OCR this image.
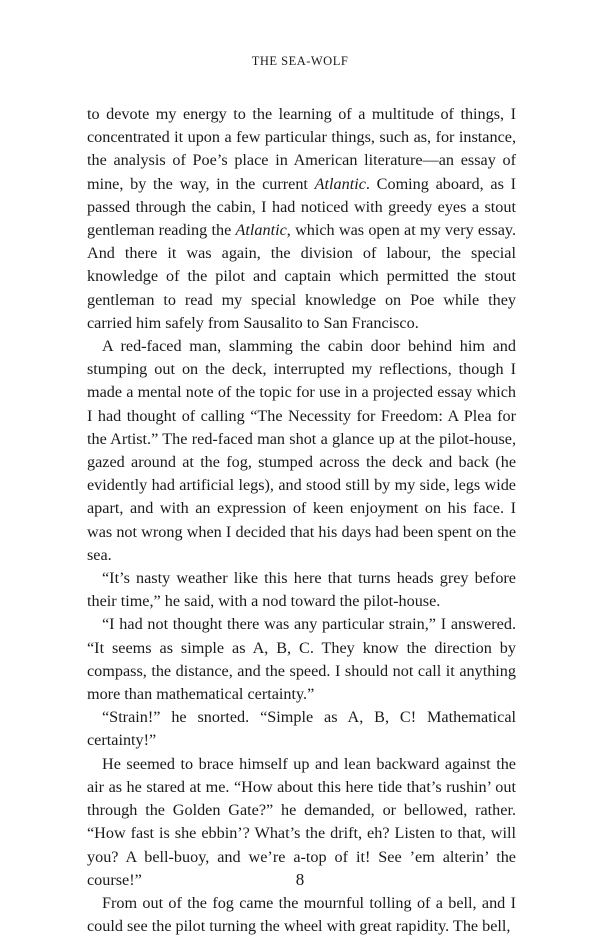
THE SEA-WOLF

to devote my energy to the learning of a multitude of things, I concentrated it upon a few particular things, such as, for instance, the analysis of Poe’s place in American literature—an essay of mine, by the way, in the current Atlantic. Coming aboard, as I passed through the cabin, I had noticed with greedy eyes a stout gentleman reading the Atlantic, which was open at my very essay. And there it was again, the division of labour, the special knowledge of the pilot and captain which permitted the stout gentleman to read my special knowledge on Poe while they carried him safely from Sausalito to San Francisco.

A red-faced man, slamming the cabin door behind him and stumping out on the deck, interrupted my reflections, though I made a mental note of the topic for use in a projected essay which I had thought of calling “The Necessity for Freedom: A Plea for the Artist.” The red-faced man shot a glance up at the pilot-house, gazed around at the fog, stumped across the deck and back (he evidently had artificial legs), and stood still by my side, legs wide apart, and with an expression of keen enjoyment on his face. I was not wrong when I decided that his days had been spent on the sea.

“It’s nasty weather like this here that turns heads grey before their time,” he said, with a nod toward the pilot-house.

“I had not thought there was any particular strain,” I answered. “It seems as simple as A, B, C. They know the direction by compass, the distance, and the speed. I should not call it anything more than mathematical certainty.”

“Strain!” he snorted. “Simple as A, B, C! Mathematical certainty!”

He seemed to brace himself up and lean backward against the air as he stared at me. “How about this here tide that’s rushin’ out through the Golden Gate?” he demanded, or bellowed, rather. “How fast is she ebbin’? What’s the drift, eh? Listen to that, will you? A bell-buoy, and we’re a-top of it! See ’em alterin’ the course!”

From out of the fog came the mournful tolling of a bell, and I could see the pilot turning the wheel with great rapidity. The bell,

8
